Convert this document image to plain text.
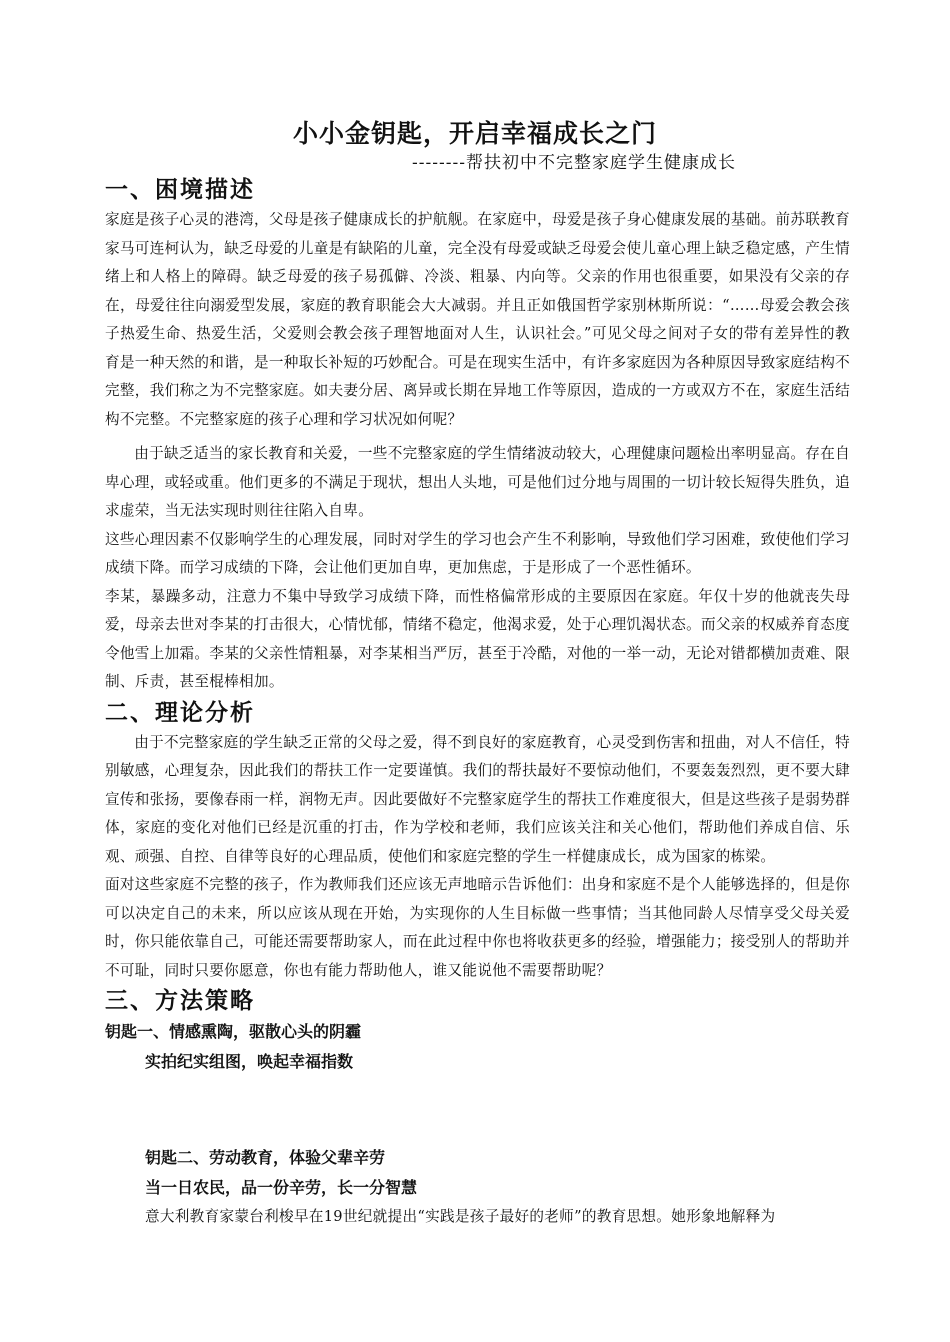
小小金钥匙，开启幸福成长之门
--------帮扶初中不完整家庭学生健康成长
一、困境描述

家庭是孩子心灵的港湾，父母是孩子健康成长的护航舰。在家庭中，母爱是孩子身心健康发展的基础。前苏联教育家马可连柯认为，缺乏母爱的儿童是有缺陷的儿童，完全没有母爱或缺乏母爱会使儿童心理上缺乏稳定感，产生情绪上和人格上的障碍。缺乏母爱的孩子易孤僻、冷淡、粗暴、内向等。父亲的作用也很重要，如果没有父亲的存在，母爱往往向溺爱型发展，家庭的教育职能会大大减弱。并且正如俄国哲学家别林斯所说：“……母爱会教会孩子热爱生命、热爱生活，父爱则会教会孩子理智地面对人生，认识社会。”可见父母之间对子女的带有差异性的教育是一种天然的和谐，是一种取长补短的巧妙配合。可是在现实生活中，有许多家庭因为各种原因导致家庭结构不完整，我们称之为不完整家庭。如夫妻分居、离异或长期在异地工作等原因，造成的一方或双方不在，家庭生活结构不完整。不完整家庭的孩子心理和学习状况如何呢？

由于缺乏适当的家长教育和关爱，一些不完整家庭的学生情绪波动较大，心理健康问题检出率明显高。存在自卑心理，或轻或重。他们更多的不满足于现状，想出人头地，可是他们过分地与周围的一切计较长短得失胜负，追求虚荣，当无法实现时则往往陷入自卑。

这些心理因素不仅影响学生的心理发展，同时对学生的学习也会产生不利影响，导致他们学习困难，致使他们学习成绩下降。而学习成绩的下降，会让他们更加自卑，更加焦虑，于是形成了一个恶性循环。

李某，暴躁多动，注意力不集中导致学习成绩下降，而性格偏常形成的主要原因在家庭。年仅十岁的他就丧失母爱，母亲去世对李某的打击很大，心情忧郁，情绪不稳定，他渴求爱，处于心理饥渴状态。而父亲的权威养育态度令他雪上加霜。李某的父亲性情粗暴，对李某相当严厉，甚至于冷酷，对他的一举一动，无论对错都横加责难、限制、斥责，甚至棍棒相加。

二、理论分析

由于不完整家庭的学生缺乏正常的父母之爱，得不到良好的家庭教育，心灵受到伤害和扭曲，对人不信任，特别敏感，心理复杂，因此我们的帮扶工作一定要谨慎。我们的帮扶最好不要惊动他们，不要轰轰烈烈，更不要大肆宣传和张扬，要像春雨一样，润物无声。因此要做好不完整家庭学生的帮扶工作难度很大，但是这些孩子是弱势群体，家庭的变化对他们已经是沉重的打击，作为学校和老师，我们应该关注和关心他们，帮助他们养成自信、乐观、顽强、自控、自律等良好的心理品质，使他们和家庭完整的学生一样健康成长，成为国家的栋梁。

面对这些家庭不完整的孩子，作为教师我们还应该无声地暗示告诉他们：出身和家庭不是个人能够选择的，但是你可以决定自己的未来，所以应该从现在开始，为实现你的人生目标做一些事情；当其他同龄人尽情享受父母关爱时，你只能依靠自己，可能还需要帮助家人，而在此过程中你也将收获更多的经验，增强能力；接受别人的帮助并不可耻，同时只要你愿意，你也有能力帮助他人，谁又能说他不需要帮助呢？

三、方法策略
钥匙一、情感熏陶，驱散心头的阴霾
实拍纪实组图，唤起幸福指数
钥匙二、劳动教育，体验父辈辛劳
当一日农民，品一份辛劳，长一分智慧

意大利教育家蒙台利梭早在19世纪就提出“实践是孩子最好的老师”的教育思想。她形象地解释为
